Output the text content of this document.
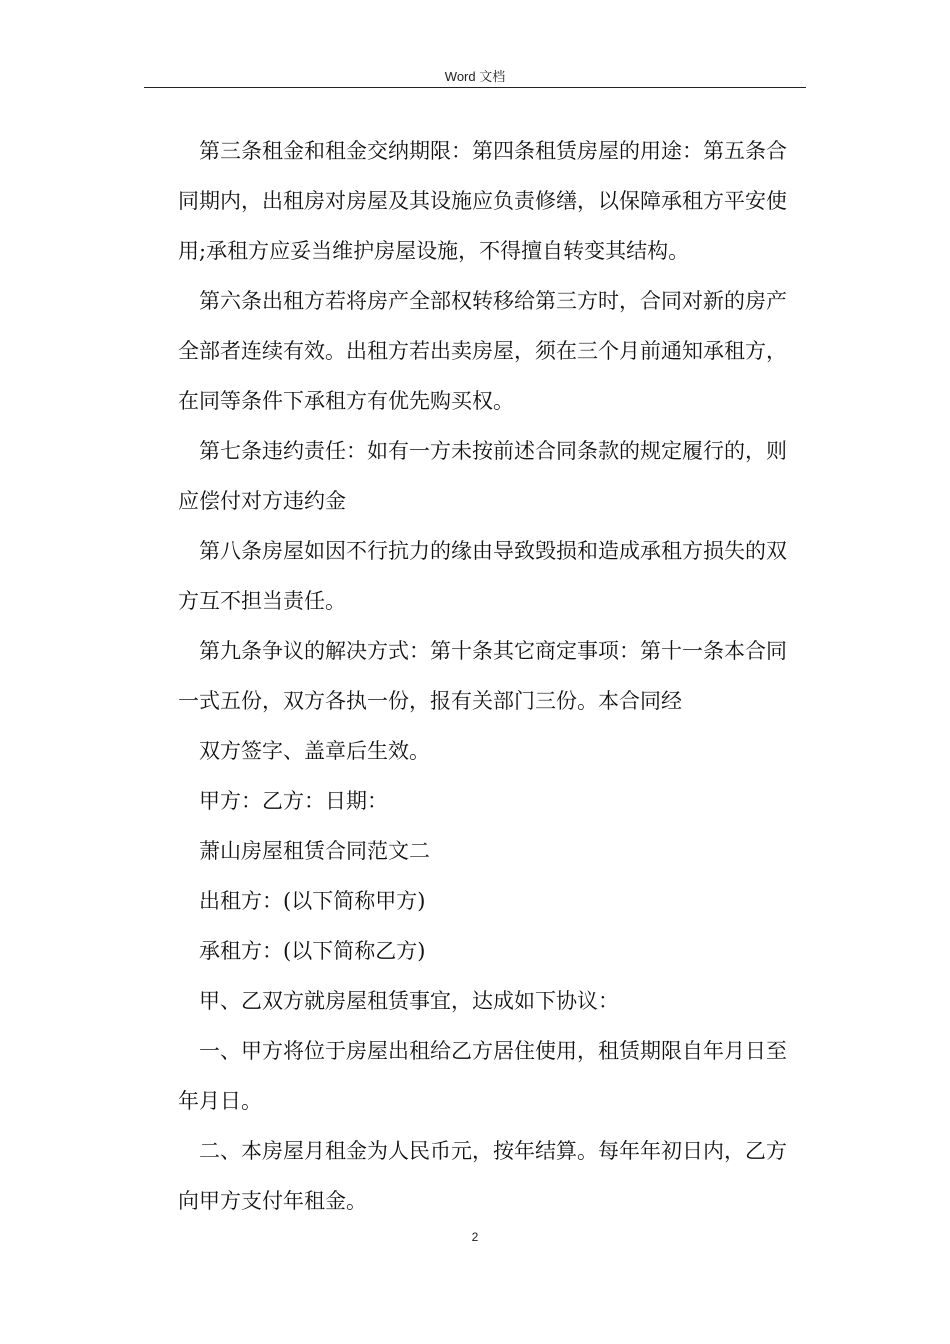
Word 文档

第三条租金和租金交纳期限：第四条租赁房屋的用途：第五条合同期内，出租房对房屋及其设施应负责修缮，以保障承租方平安使用;承租方应妥当维护房屋设施，不得擅自转变其结构。

第六条出租方若将房产全部权转移给第三方时，合同对新的房产全部者连续有效。出租方若出卖房屋，须在三个月前通知承租方，在同等条件下承租方有优先购买权。

第七条违约责任：如有一方未按前述合同条款的规定履行的，则应偿付对方违约金

第八条房屋如因不行抗力的缘由导致毁损和造成承租方损失的双方互不担当责任。

第九条争议的解决方式：第十条其它商定事项：第十一条本合同一式五份，双方各执一份，报有关部门三份。本合同经

双方签字、盖章后生效。

甲方：乙方：日期：

萧山房屋租赁合同范文二

出租方：(以下简称甲方)

承租方：(以下简称乙方)

甲、乙双方就房屋租赁事宜，达成如下协议：

一、甲方将位于房屋出租给乙方居住使用，租赁期限自年月日至年月日。

二、本房屋月租金为人民币元，按年结算。每年年初日内，乙方向甲方支付年租金。

2
